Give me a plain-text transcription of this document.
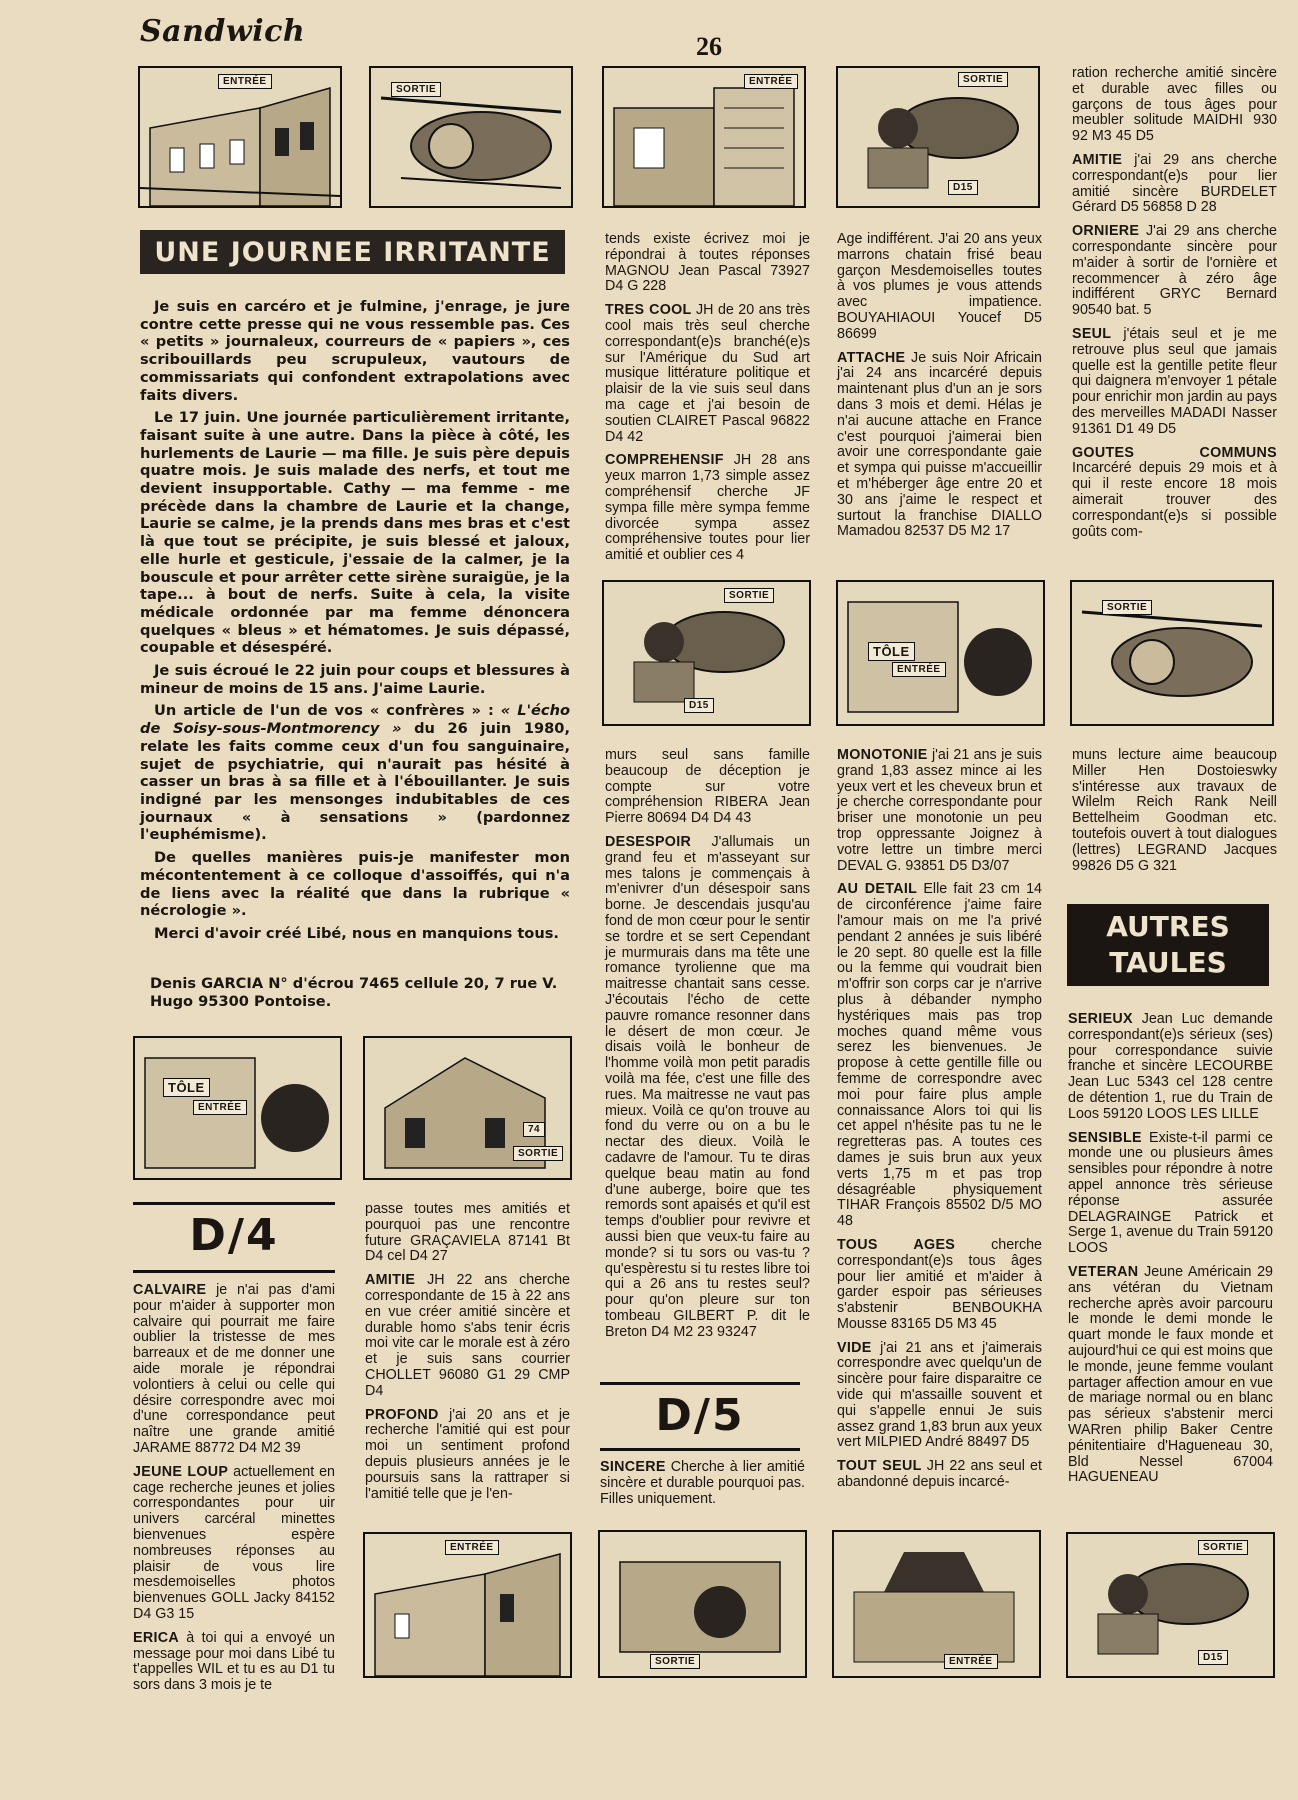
Sandwich	26
ENTRÉE
SORTIE
ENTRÉE	SORTIE
D15
UNE JOURNEE IRRITANTE

Je suis en carcéro et je fulmine, j'enrage, je jure contre cette presse qui ne vous ressemble pas. Ces « petits » journaleux, courreurs de « papiers », ces scribouillards peu scrupuleux, vautours de commissariats qui confondent extrapolations avec faits divers.

Le 17 juin. Une journée particulièrement irritante, faisant suite à une autre. Dans la pièce à côté, les hurlements de Laurie — ma fille. Je suis père depuis quatre mois. Je suis malade des nerfs, et tout me devient insupportable. Cathy — ma femme - me précède dans la chambre de Laurie et la change, Laurie se calme, je la prends dans mes bras et c'est là que tout se précipite, je suis blessé et jaloux, elle hurle et gesticule, j'essaie de la calmer, je la bouscule et pour arrêter cette sirène suraigüe, je la tape... à bout de nerfs. Suite à cela, la visite médicale ordonnée par ma femme dénoncera quelques « bleus » et hématomes. Je suis dépassé, coupable et désespéré.

Je suis écroué le 22 juin pour coups et blessures à mineur de moins de 15 ans. J'aime Laurie.

Un article de l'un de vos « confrères » : « L'écho de Soisy-sous-Montmorency » du 26 juin 1980, relate les faits comme ceux d'un fou sanguinaire, sujet de psychiatrie, qui n'aurait pas hésité à casser un bras à sa fille et à l'ébouillanter. Je suis indigné par les mensonges indubitables de ces journaux « à sensations » (pardonnez l'euphémisme).

De quelles manières puis-je manifester mon mécontentement à ce colloque d'assoiffés, qui n'a de liens avec la réalité que dans la rubrique « nécrologie ».

Merci d'avoir créé Libé, nous en manquions tous.

Denis GARCIA N° d'écrou 7465 cellule 20, 7 rue V. Hugo 95300 Pontoise.
TÔLE
ENTRÉE
74
SORTIE
D/4

CALVAIRE je n'ai pas d'ami pour m'aider à supporter mon calvaire qui pourrait me faire oublier la tristesse de mes barreaux et de me donner une aide morale je répondrai volontiers à celui ou celle qui désire correspondre avec moi d'une correspondance peut naître une grande amitié JARAME 88772 D4 M2 39

JEUNE LOUP actuellement en cage recherche jeunes et jolies correspondantes pour uir univers carcéral minettes bienvenues espère nombreuses réponses au plaisir de vous lire mesdemoiselles photos bienvenues GOLL Jacky 84152 D4 G3 15

ERICA à toi qui a envoyé un message pour moi dans Libé tu t'appelles WIL et tu es au D1 tu sors dans 3 mois je te

passe toutes mes amitiés et pourquoi pas une rencontre future GRAÇAVIELA 87141 Bt D4 cel D4 27

AMITIE JH 22 ans cherche correspondante de 15 à 22 ans en vue créer amitié sincère et durable homo s'abs tenir écris moi vite car le morale est à zéro et je suis sans courrier CHOLLET 96080 G1 29 CMP D4

PROFOND j'ai 20 ans et je recherche l'amitié qui est pour moi un sentiment profond depuis plusieurs années je le poursuis sans la rattraper si l'amitié telle que je l'en-

ENTRÉE

tends existe écrivez moi je répondrai à toutes réponses MAGNOU Jean Pascal 73927 D4 G 228

TRES COOL JH de 20 ans très cool mais très seul cherche correspondant(e)s branché(e)s sur l'Amérique du Sud art musique littérature politique et plaisir de la vie suis seul dans ma cage et j'ai besoin de soutien CLAIRET Pascal 96822 D4 42

COMPREHENSIF JH 28 ans yeux marron 1,73 simple assez compréhensif cherche JF sympa fille mère sympa femme divorcée sympa assez compréhensive toutes pour lier amitié et oublier ces 4

SORTIE
D15

murs seul sans famille beaucoup de déception je compte sur votre compréhension RIBERA Jean Pierre 80694 D4 D4 43

DESESPOIR J'allumais un grand feu et m'asseyant sur mes talons je commençais à m'enivrer d'un désespoir sans borne. Je descendais jusqu'au fond de mon cœur pour le sentir se tordre et se sert Cependant je murmurais dans ma tête une romance tyrolienne que ma maitresse chantait sans cesse. J'écoutais l'écho de cette pauvre romance resonner dans le désert de mon cœur. Je disais voilà le bonheur de l'homme voilà mon petit paradis voilà ma fée, c'est une fille des rues. Ma maitresse ne vaut pas mieux. Voilà ce qu'on trouve au fond du verre ou on a bu le nectar des dieux. Voilà le cadavre de l'amour. Tu te diras quelque beau matin au fond d'une auberge, boire que tes remords sont apaisés et qu'il est temps d'oublier pour revivre et aussi bien que veux-tu faire au monde? si tu sors ou vas-tu ? qu'espèrestu si tu restes libre toi qui a 26 ans tu restes seul? pour qu'on pleure sur ton tombeau GILBERT P. dit le Breton D4 M2 23 93247

D/5

SINCERE Cherche à lier amitié sincère et durable pourquoi pas. Filles uniquement.

SORTIE

Age indifférent. J'ai 20 ans yeux marrons chatain frisé beau garçon Mesdemoiselles toutes à vos plumes je vous attends avec impatience. BOUYAHIAOUI Youcef D5 86699

ATTACHE Je suis Noir Africain j'ai 24 ans incarcéré depuis maintenant plus d'un an je sors dans 3 mois et demi. Hélas je n'ai aucune attache en France c'est pourquoi j'aimerai bien avoir une correspondante gaie et sympa qui puisse m'accueillir et m'héberger âge entre 20 et 30 ans j'aime le respect et surtout la franchise DIALLO Mamadou 82537 D5 M2 17

TÔLE
ENTRÉE

MONOTONIE j'ai 21 ans je suis grand 1,83 assez mince ai les yeux vert et les cheveux brun et je cherche correspondante pour briser une monotonie un peu trop oppressante Joignez à votre lettre un timbre merci DEVAL G. 93851 D5 D3/07

AU DETAIL Elle fait 23 cm 14 de circonférence j'aime faire l'amour mais on me l'a privé pendant 2 années je suis libéré le 20 sept. 80 quelle est la fille ou la femme qui voudrait bien m'offrir son corps car je n'arrive plus à débander nympho hystériques mais pas trop moches quand même vous serez les bienvenues. Je propose à cette gentille fille ou femme de correspondre avec moi pour faire plus ample connaissance Alors toi qui lis cet appel n'hésite pas tu ne le regretteras pas. A toutes ces dames je suis brun aux yeux verts 1,75 m et pas trop désagréable physiquement TIHAR François 85502 D/5 MO 48

TOUS AGES cherche correspondant(e)s tous âges pour lier amitié et m'aider à garder espoir pas sérieuses s'abstenir BENBOUKHA Mousse 83165 D5 M3 45

VIDE j'ai 21 ans et j'aimerais correspondre avec quelqu'un de sincère pour faire disparaitre ce vide qui m'assaille souvent et qui s'appelle ennui Je suis assez grand 1,83 brun aux yeux vert MILPIED André 88497 D5

TOUT SEUL JH 22 ans seul et abandonné depuis incarcé-

ENTRÉE

ration recherche amitié sincère et durable avec filles ou garçons de tous âges pour meubler solitude MAIDHI 930 92 M3 45 D5

AMITIE j'ai 29 ans cherche correspondant(e)s pour lier amitié sincère BURDELET Gérard D5 56858 D 28

ORNIERE J'ai 29 ans cherche correspondante sincère pour m'aider à sortir de l'ornière et recommencer à zéro âge indifférent GRYC Bernard 90540 bat. 5

SEUL j'étais seul et je me retrouve plus seul que jamais quelle est la gentille petite fleur qui daignera m'envoyer 1 pétale pour enrichir mon jardin au pays des merveilles MADADI Nasser 91361 D1 49 D5

GOUTES COMMUNS Incarcéré depuis 29 mois et à qui il reste encore 18 mois aimerait trouver des correspondant(e)s si possible goûts com-

SORTIE

muns lecture aime beaucoup Miller Hen Dostoieswky s'intéresse aux travaux de Wilelm Reich Rank Neill Bettelheim Goodman etc. toutefois ouvert à tout dialogues (lettres) LEGRAND Jacques 99826 D5 G 321

AUTRES
TAULES

SERIEUX Jean Luc demande correspondant(e)s sérieux (ses) pour correspondance suivie franche et sincère LECOURBE Jean Luc 5343 cel 128 centre de détention 1, rue du Train de Loos 59120 LOOS LES LILLE

SENSIBLE Existe-t-il parmi ce monde une ou plusieurs âmes sensibles pour répondre à notre appel annonce très sérieuse réponse assurée DELAGRAINGE Patrick et Serge 1, avenue du Train 59120 LOOS

VETERAN Jeune Américain 29 ans vétéran du Vietnam recherche après avoir parcouru le monde le demi monde le quart monde le faux monde et aujourd'hui ce qui est moins que le monde, jeune femme voulant partager affection amour en vue de mariage normal ou en blanc pas sérieux s'abstenir merci WARren philip Baker Centre pénitentiaire d'Hagueneau 30, Bld Nessel 67004 HAGUENEAU

SORTIE
D15
